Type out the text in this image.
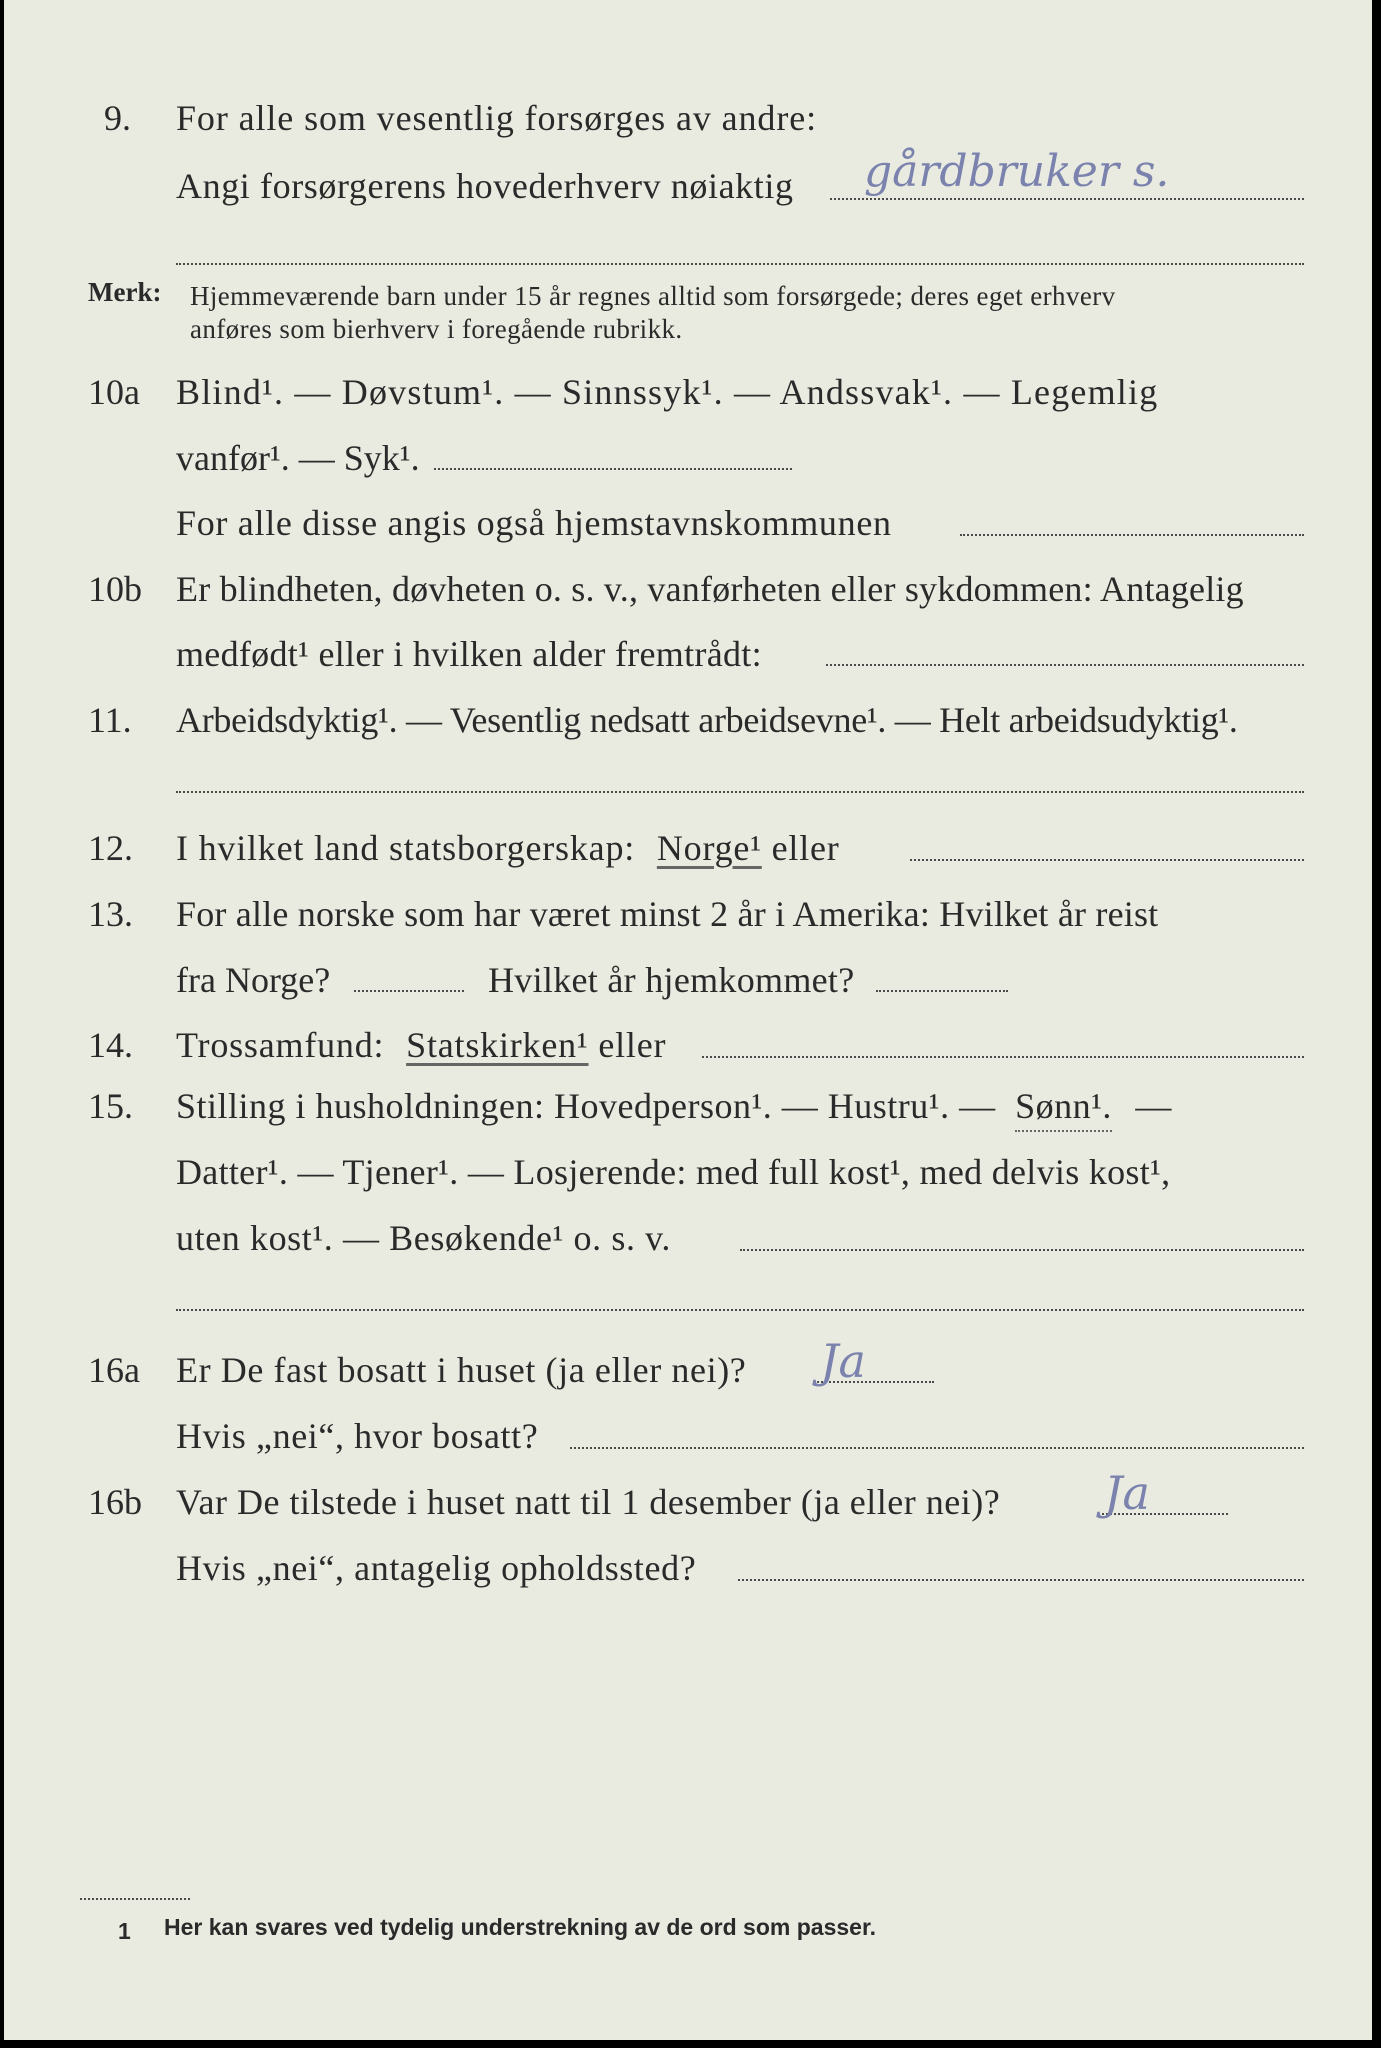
9. For alle som vesentlig forsørges av andre:
Angi forsørgerens hovederhverv nøiaktig gårdbruker s.
Merk: Hjemmeværende barn under 15 år regnes alltid som forsørgede; deres eget erhverv
anføres som bierhverv i foregående rubrikk.
10a Blind¹. — Døvstum¹. — Sinnssyk¹. — Andssvak¹. — Legemlig
vanfør¹. — Syk¹.
For alle disse angis også hjemstavnskommunen
10b Er blindheten, døvheten o. s. v., vanførheten eller sykdommen: Antagelig
medfødt¹ eller i hvilken alder fremtrådt:
11. Arbeidsdyktig¹. — Vesentlig nedsatt arbeidsevne¹. — Helt arbeidsudyktig¹.
12. I hvilket land statsborgerskap: Norge¹ eller
13. For alle norske som har været minst 2 år i Amerika: Hvilket år reist
fra Norge?	Hvilket år hjemkommet?
14. Trossamfund: Statskirken¹ eller
15. Stilling i husholdningen: Hovedperson¹. — Hustru¹. — Sønn¹. —
Datter¹. — Tjener¹. — Losjerende: med full kost¹, med delvis kost¹,
uten kost¹. — Besøkende¹ o. s. v.
16a Er De fast bosatt i huset (ja eller nei)? Ja
Hvis „nei“, hvor bosatt?
16b Var De tilstede i huset natt til 1 desember (ja eller nei)? Ja
Hvis „nei“, antagelig opholdssted?
1 Her kan svares ved tydelig understrekning av de ord som passer.
